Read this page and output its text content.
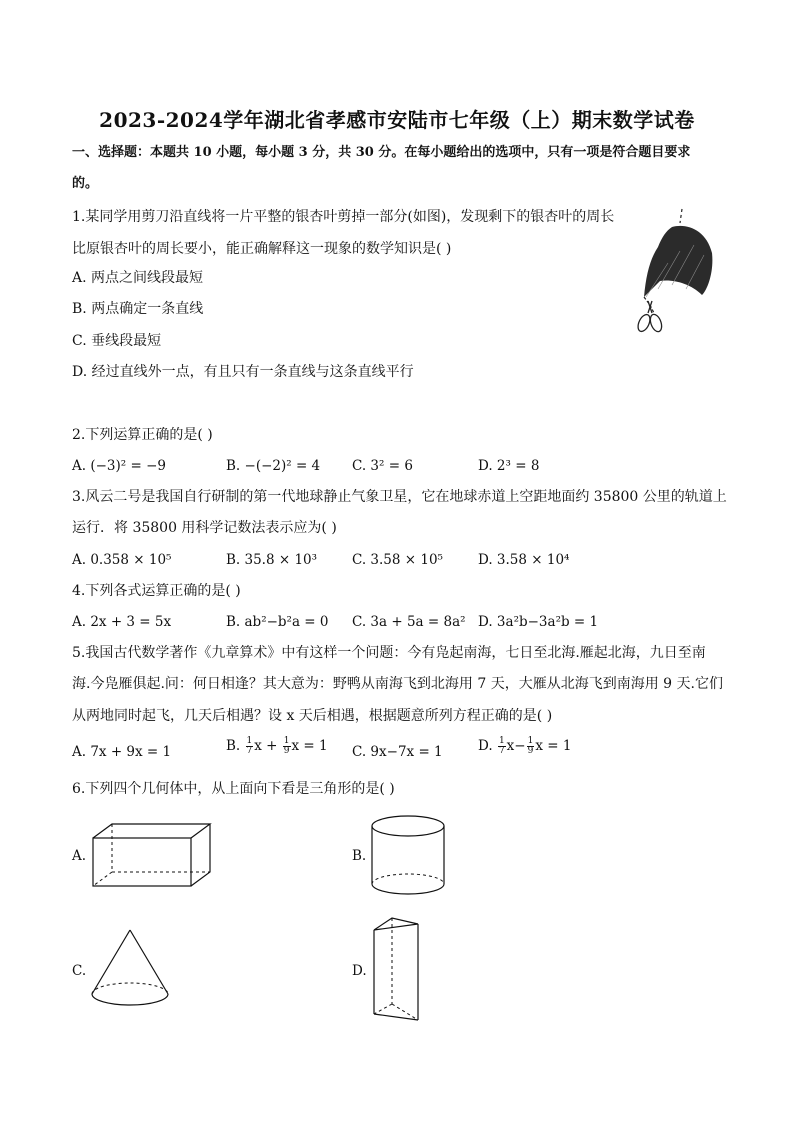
2023-2024学年湖北省孝感市安陆市七年级（上）期末数学试卷
一、选择题：本题共 10 小题，每小题 3 分，共 30 分。在每小题给出的选项中，只有一项是符合题目要求
的。
1.某同学用剪刀沿直线将一片平整的银杏叶剪掉一部分(如图)，发现剩下的银杏叶的周长
比原银杏叶的周长要小，能正确解释这一现象的数学知识是( )
A. 两点之间线段最短
B. 两点确定一条直线
C. 垂线段最短
D. 经过直线外一点，有且只有一条直线与这条直线平行
2.下列运算正确的是( )
A. (−3)² = −9	B. −(−2)² = 4 C. 3² = 6	D. 2³ = 8
3.风云二号是我国自行研制的第一代地球静止气象卫星，它在地球赤道上空距地面约 35800 公里的轨道上
运行．将 35800 用科学记数法表示应为( )
A. 0.358 × 10⁵	B. 35.8 × 10³	C. 3.58 × 10⁵	D. 3.58 × 10⁴
4.下列各式运算正确的是( )
A. 2x + 3 = 5x	B. ab²−b²a = 0 C. 3a + 5a = 8a² D. 3a²b−3a²b = 1
5.我国古代数学著作《九章算术》中有这样一个问题：今有凫起南海，七日至北海.雁起北海，九日至南
海.今凫雁俱起.问：何日相逢？其大意为：野鸭从南海飞到北海用 7 天，大雁从北海飞到南海用 9 天.它们
从两地同时起飞，几天后相遇？设 x 天后相遇，根据题意所列方程正确的是( )
A. 7x + 9x = 1	B. $\frac{1}{7}$ $x + \frac{1}{9}$ x = 1 C. 9x−7x = 1	D. $\frac{1}{7} x- \frac{1}{9}$ x = 1
6.下列四个几何体中，从上面向下看是三角形的是( )
A.	B.
C.	D.
